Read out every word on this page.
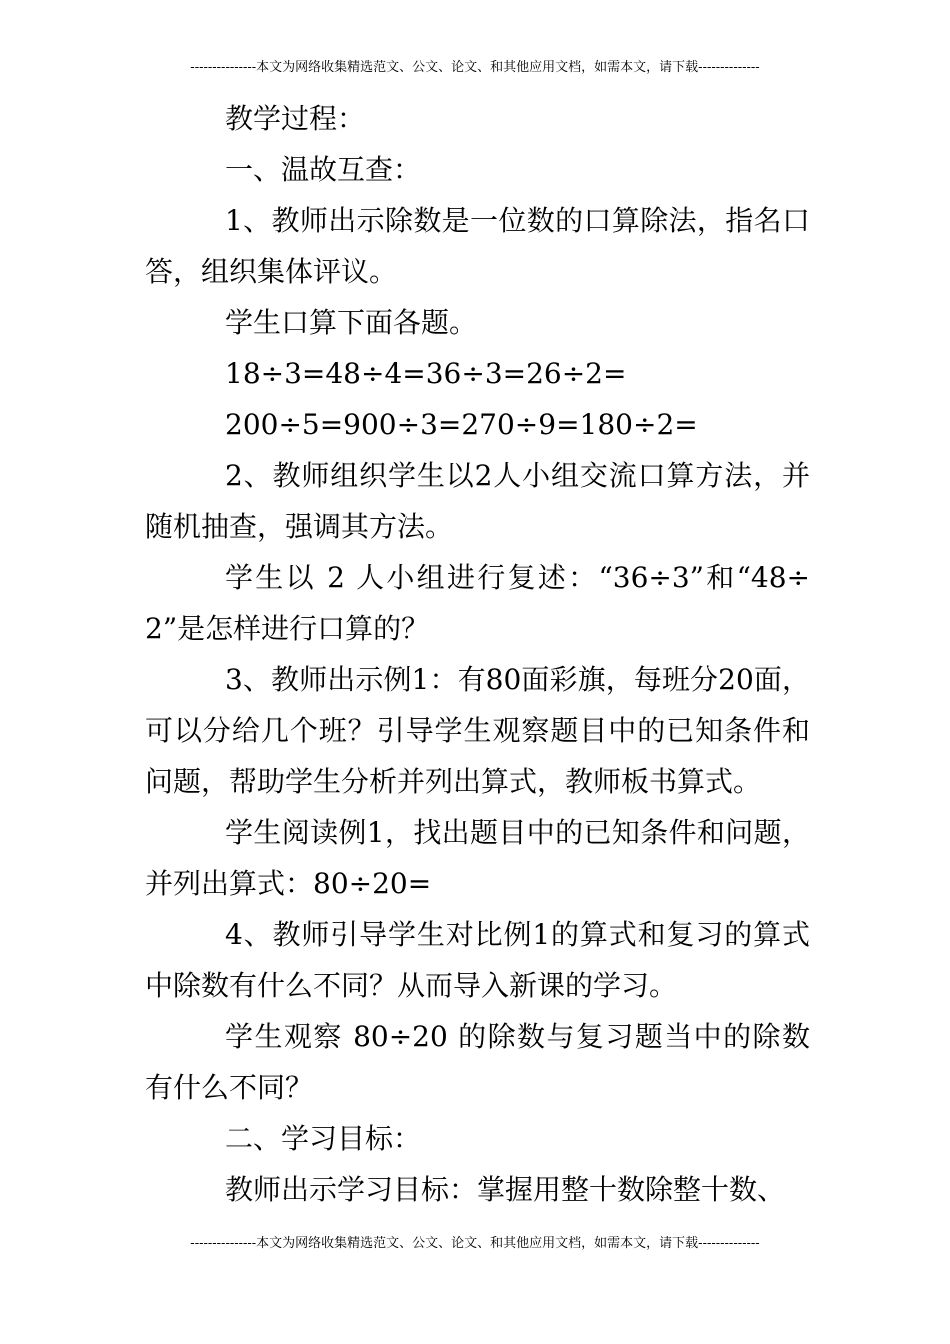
---------------本文为网络收集精选范文、公文、论文、和其他应用文档，如需本文，请下载--------------

教学过程：

一、温故互查：

1、教师出示除数是一位数的口算除法，指名口答，组织集体评议。

学生口算下面各题。

18÷3=48÷4=36÷3=26÷2=

200÷5=900÷3=270÷9=180÷2=

2、教师组织学生以2人小组交流口算方法，并随机抽查，强调其方法。

学生以 2 人小组进行复述：“36÷3”和“48÷2”是怎样进行口算的？

3、教师出示例1：有80面彩旗，每班分20面，可以分给几个班？引导学生观察题目中的已知条件和问题，帮助学生分析并列出算式，教师板书算式。

学生阅读例1，找出题目中的已知条件和问题，并列出算式：80÷20=

4、教师引导学生对比例1的算式和复习的算式中除数有什么不同？从而导入新课的学习。

学生观察 80÷20 的除数与复习题当中的除数有什么不同？

二、学习目标：

教师出示学习目标：掌握用整十数除整十数、

---------------本文为网络收集精选范文、公文、论文、和其他应用文档，如需本文，请下载--------------
